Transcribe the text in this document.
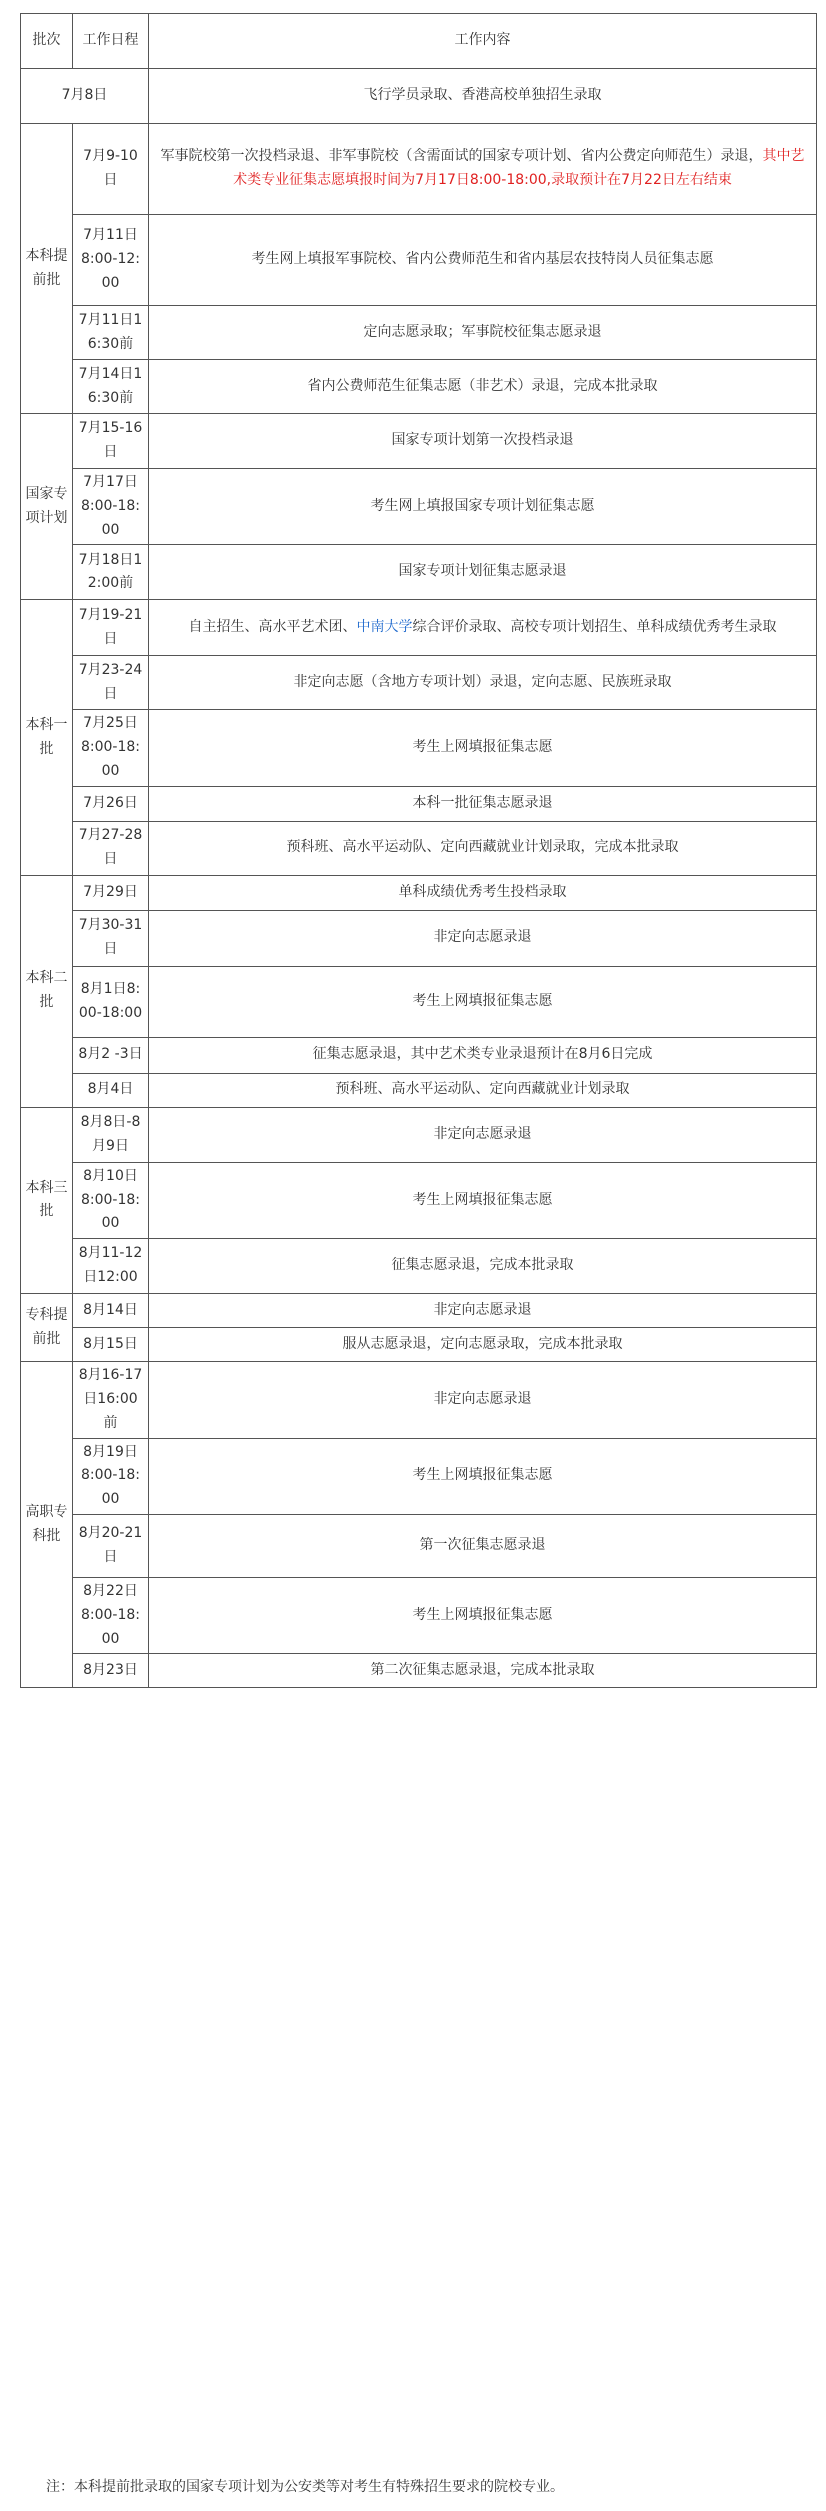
批次	工作日程	工作内容
7月8日		飞行学员录取、香港高校单独招生录取
本科提前批	7月9-10日	军事院校第一次投档录退、非军事院校（含需面试的国家专项计划、省内公费定向师范生）录退，其中艺术类专业征集志愿填报时间为7月17日8:00-18:00,录取预计在7月22日左右结束
	7月11日8:00-12:00	考生网上填报军事院校、省内公费师范生和省内基层农技特岗人员征集志愿
	7月11日16:30前	定向志愿录取；军事院校征集志愿录退
	7月14日16:30前	省内公费师范生征集志愿（非艺术）录退，完成本批录取
国家专项计划	7月15-16日	国家专项计划第一次投档录退
	7月17日8:00-18:00	考生网上填报国家专项计划征集志愿
	7月18日12:00前	国家专项计划征集志愿录退
本科一批	7月19-21日	自主招生、高水平艺术团、中南大学综合评价录取、高校专项计划招生、单科成绩优秀考生录取
	7月23-24日	非定向志愿（含地方专项计划）录退，定向志愿、民族班录取
	7月25日8:00-18:00	考生上网填报征集志愿
	7月26日	本科一批征集志愿录退
	7月27-28日	预科班、高水平运动队、定向西藏就业计划录取，完成本批录取
本科二批	7月29日	单科成绩优秀考生投档录取
	7月30-31日	非定向志愿录退
	8月1日8:00-18:00	考生上网填报征集志愿
	8月2 -3日	征集志愿录退，其中艺术类专业录退预计在8月6日完成
	8月4日	预科班、高水平运动队、定向西藏就业计划录取
本科三批	8月8日-8月9日	非定向志愿录退
	8月10日8:00-18:00	考生上网填报征集志愿
	8月11-12日12:00	征集志愿录退，完成本批录取
专科提前批	8月14日	非定向志愿录退
	8月15日	服从志愿录退，定向志愿录取，完成本批录取
高职专科批	8月16-17日16:00前	非定向志愿录退
	8月19日8:00-18:00	考生上网填报征集志愿
	8月20-21日	第一次征集志愿录退
	8月22日8:00-18:00	考生上网填报征集志愿
	8月23日	第二次征集志愿录退，完成本批录取

注：本科提前批录取的国家专项计划为公安类等对考生有特殊招生要求的院校专业。
